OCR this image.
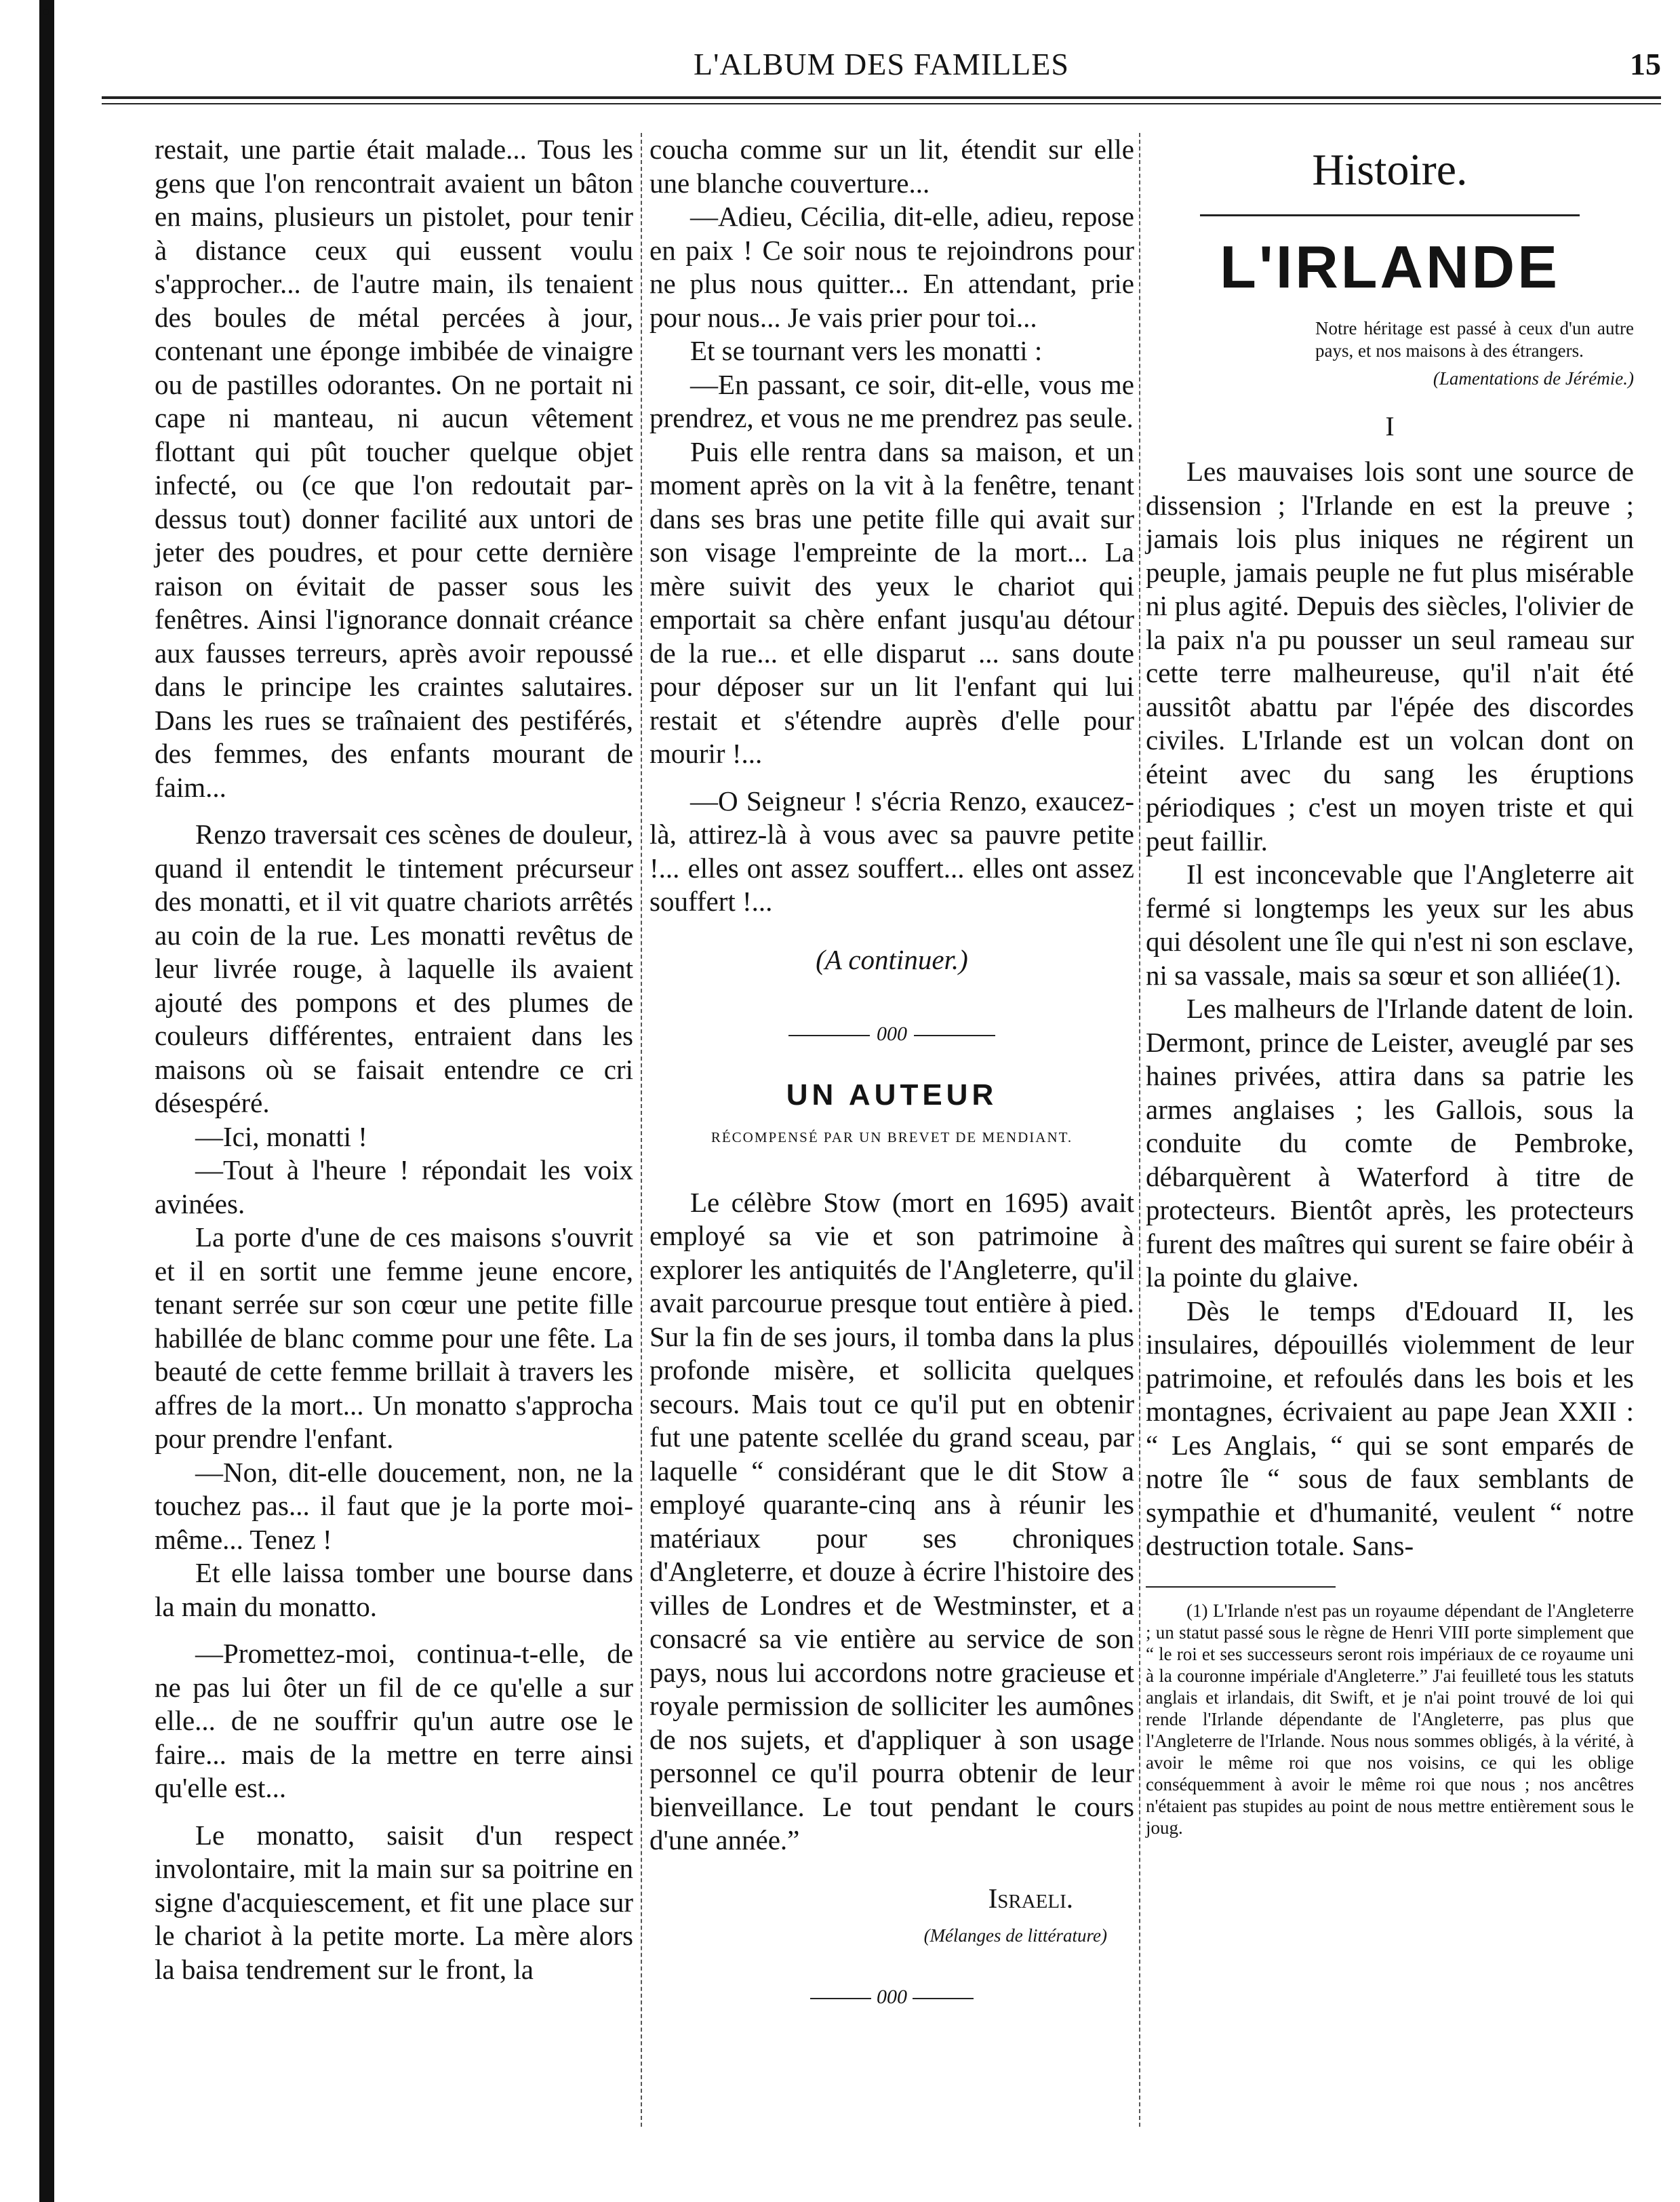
L'ALBUM DES FAMILLES	15

restait, une partie était malade... Tous les gens que l'on rencontrait avaient un bâton en mains, plusieurs un pistolet, pour tenir à distance ceux qui eussent voulu s'approcher... de l'autre main, ils tenaient des boules de métal percées à jour, contenant une éponge imbibée de vinaigre ou de pastilles odorantes. On ne portait ni cape ni manteau, ni aucun vêtement flottant qui pût toucher quelque objet infecté, ou (ce que l'on redoutait par-dessus tout) donner facilité aux untori de jeter des poudres, et pour cette dernière raison on évitait de passer sous les fenêtres. Ainsi l'ignorance donnait créance aux fausses terreurs, après avoir repoussé dans le principe les craintes salutaires. Dans les rues se traînaient des pestiférés, des femmes, des enfants mourant de faim...

Renzo traversait ces scènes de douleur, quand il entendit le tintement précurseur des monatti, et il vit quatre chariots arrêtés au coin de la rue. Les monatti revêtus de leur livrée rouge, à laquelle ils avaient ajouté des pompons et des plumes de couleurs différentes, entraient dans les maisons où se faisait entendre ce cri désespéré.

—Ici, monatti !

—Tout à l'heure ! répondait les voix avinées.

La porte d'une de ces maisons s'ouvrit et il en sortit une femme jeune encore, tenant serrée sur son cœur une petite fille habillée de blanc comme pour une fête. La beauté de cette femme brillait à travers les affres de la mort... Un monatto s'approcha pour prendre l'enfant.

—Non, dit-elle doucement, non, ne la touchez pas... il faut que je la porte moi-même... Tenez !

Et elle laissa tomber une bourse dans la main du monatto.

—Promettez-moi, continua-t-elle, de ne pas lui ôter un fil de ce qu'elle a sur elle... de ne souffrir qu'un autre ose le faire... mais de la mettre en terre ainsi qu'elle est...

Le monatto, saisit d'un respect involontaire, mit la main sur sa poitrine en signe d'acquiescement, et fit une place sur le chariot à la petite morte. La mère alors la baisa tendrement sur le front, la

coucha comme sur un lit, étendit sur elle une blanche couverture...

—Adieu, Cécilia, dit-elle, adieu, repose en paix ! Ce soir nous te rejoindrons pour ne plus nous quitter... En attendant, prie pour nous... Je vais prier pour toi...

Et se tournant vers les monatti :

—En passant, ce soir, dit-elle, vous me prendrez, et vous ne me prendrez pas seule.

Puis elle rentra dans sa maison, et un moment après on la vit à la fenêtre, tenant dans ses bras une petite fille qui avait sur son visage l'empreinte de la mort... La mère suivit des yeux le chariot qui emportait sa chère enfant jusqu'au détour de la rue... et elle disparut ... sans doute pour déposer sur un lit l'enfant qui lui restait et s'étendre auprès d'elle pour mourir !...

—O Seigneur ! s'écria Renzo, exaucez-là, attirez-là à vous avec sa pauvre petite !... elles ont assez souffert... elles ont assez souffert !...

(A continuer.)
000
UN AUTEUR
RÉCOMPENSÉ PAR UN BREVET DE MENDIANT.

Le célèbre Stow (mort en 1695) avait employé sa vie et son patrimoine à explorer les antiquités de l'Angleterre, qu'il avait parcourue presque tout entière à pied. Sur la fin de ses jours, il tomba dans la plus profonde misère, et sollicita quelques secours. Mais tout ce qu'il put en obtenir fut une patente scellée du grand sceau, par laquelle “ considérant que le dit Stow a employé quarante-cinq ans à réunir les matériaux pour ses chroniques d'Angleterre, et douze à écrire l'histoire des villes de Londres et de Westminster, et a consacré sa vie entière au service de son pays, nous lui accordons notre gracieuse et royale permission de solliciter les aumônes de nos sujets, et d'appliquer à son usage personnel ce qu'il pourra obtenir de leur bienveillance. Le tout pendant le cours d'une année.”

Israeli.
(Mélanges de littérature)
000
Histoire.
L'IRLANDE
Notre héritage est passé à ceux d'un autre pays, et nos maisons à des étrangers.
(Lamentations de Jérémie.)
I

Les mauvaises lois sont une source de dissension ; l'Irlande en est la preuve ; jamais lois plus iniques ne régirent un peuple, jamais peuple ne fut plus misérable ni plus agité. Depuis des siècles, l'olivier de la paix n'a pu pousser un seul rameau sur cette terre malheureuse, qu'il n'ait été aussitôt abattu par l'épée des discordes civiles. L'Irlande est un volcan dont on éteint avec du sang les éruptions périodiques ; c'est un moyen triste et qui peut faillir.

Il est inconcevable que l'Angleterre ait fermé si longtemps les yeux sur les abus qui désolent une île qui n'est ni son esclave, ni sa vassale, mais sa sœur et son alliée(1).

Les malheurs de l'Irlande datent de loin. Dermont, prince de Leister, aveuglé par ses haines privées, attira dans sa patrie les armes anglaises ; les Gallois, sous la conduite du comte de Pembroke, débarquèrent à Waterford à titre de protecteurs. Bientôt après, les protecteurs furent des maîtres qui surent se faire obéir à la pointe du glaive.

Dès le temps d'Edouard II, les insulaires, dépouillés violemment de leur patrimoine, et refoulés dans les bois et les montagnes, écrivaient au pape Jean XXII : “ Les Anglais, “ qui se sont emparés de notre île “ sous de faux semblants de sympathie et d'humanité, veulent “ notre destruction totale. Sans-

(1) L'Irlande n'est pas un royaume dépendant de l'Angleterre ; un statut passé sous le règne de Henri VIII porte simplement que “ le roi et ses successeurs seront rois impériaux de ce royaume uni à la couronne impériale d'Angleterre.” J'ai feuilleté tous les statuts anglais et irlandais, dit Swift, et je n'ai point trouvé de loi qui rende l'Irlande dépendante de l'Angleterre, pas plus que l'Angleterre de l'Irlande. Nous nous sommes obligés, à la vérité, à avoir le même roi que nos voisins, ce qui les oblige conséquemment à avoir le même roi que nous ; nos ancêtres n'étaient pas stupides au point de nous mettre entièrement sous le joug.
